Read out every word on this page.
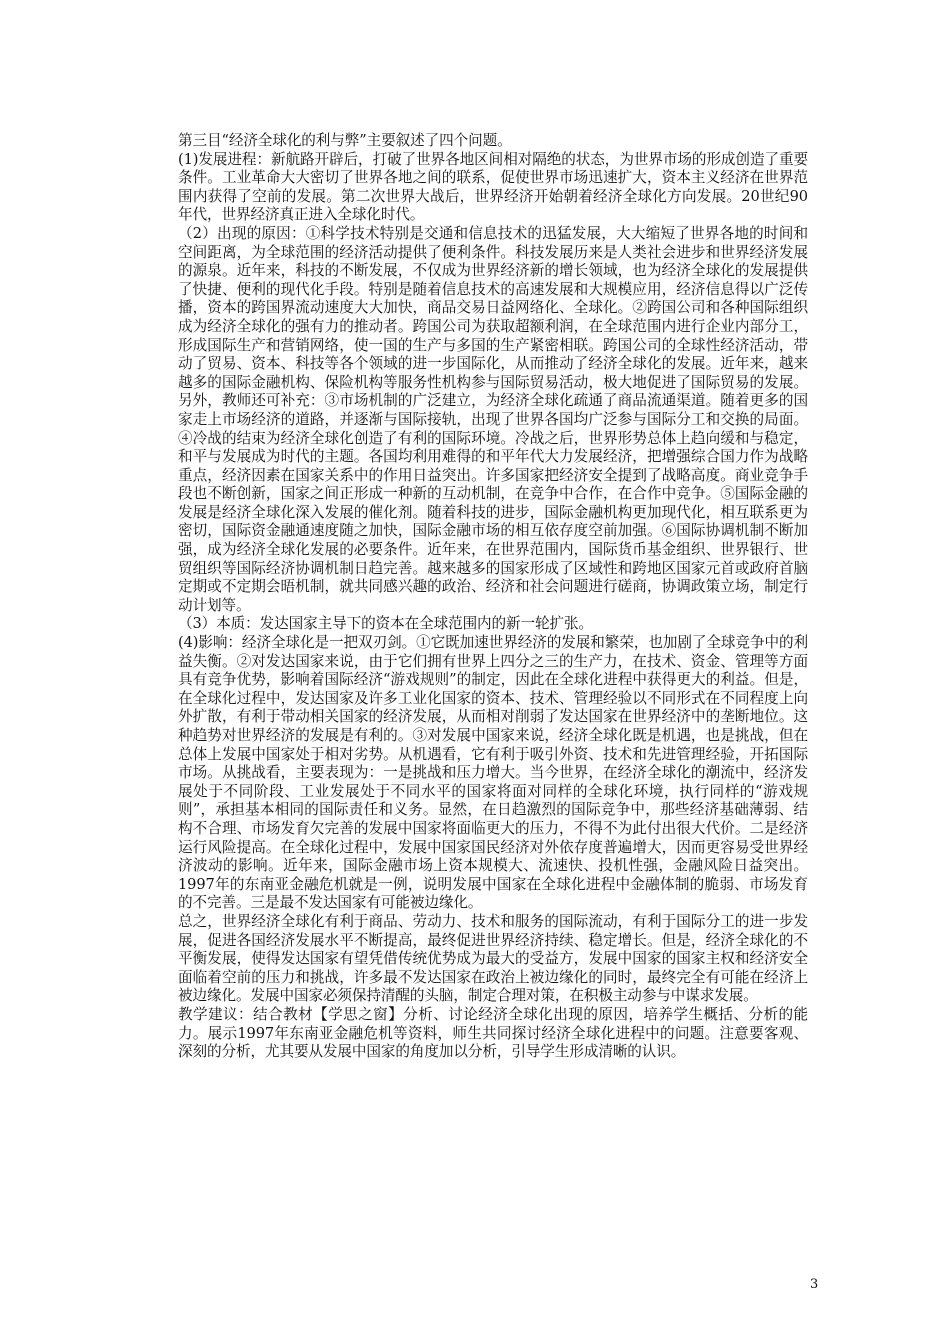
第三目“经济全球化的利与弊”主要叙述了四个问题。

(1)发展进程：新航路开辟后，打破了世界各地区间相对隔绝的状态，为世界市场的形成创造了重要条件。工业革命大大密切了世界各地之间的联系，促使世界市场迅速扩大，资本主义经济在世界范围内获得了空前的发展。第二次世界大战后，世界经济开始朝着经济全球化方向发展。20世纪90年代，世界经济真正进入全球化时代。

（2）出现的原因：①科学技术特别是交通和信息技术的迅猛发展，大大缩短了世界各地的时间和空间距离，为全球范围的经济活动提供了便利条件。科技发展历来是人类社会进步和世界经济发展的源泉。近年来，科技的不断发展，不仅成为世界经济新的增长领域，也为经济全球化的发展提供了快捷、便利的现代化手段。特别是随着信息技术的高速发展和大规模应用，经济信息得以广泛传播，资本的跨国界流动速度大大加快，商品交易日益网络化、全球化。②跨国公司和各种国际组织成为经济全球化的强有力的推动者。跨国公司为获取超额利润，在全球范围内进行企业内部分工，形成国际生产和营销网络，使一国的生产与多国的生产紧密相联。跨国公司的全球性经济活动，带动了贸易、资本、科技等各个领域的进一步国际化，从而推动了经济全球化的发展。近年来，越来越多的国际金融机构、保险机构等服务性机构参与国际贸易活动，极大地促进了国际贸易的发展。另外，教师还可补充：③市场机制的广泛建立，为经济全球化疏通了商品流通渠道。随着更多的国家走上市场经济的道路，并逐渐与国际接轨，出现了世界各国均广泛参与国际分工和交换的局面。④冷战的结束为经济全球化创造了有利的国际环境。冷战之后，世界形势总体上趋向缓和与稳定，和平与发展成为时代的主题。各国均利用难得的和平年代大力发展经济，把增强综合国力作为战略重点，经济因素在国家关系中的作用日益突出。许多国家把经济安全提到了战略高度。商业竞争手段也不断创新，国家之间正形成一种新的互动机制，在竞争中合作，在合作中竞争。⑤国际金融的发展是经济全球化深入发展的催化剂。随着科技的进步，国际金融机构更加现代化，相互联系更为密切，国际资金融通速度随之加快，国际金融市场的相互依存度空前加强。⑥国际协调机制不断加强，成为经济全球化发展的必要条件。近年来，在世界范围内，国际货币基金组织、世界银行、世贸组织等国际经济协调机制日趋完善。越来越多的国家形成了区域性和跨地区国家元首或政府首脑定期或不定期会晤机制，就共同感兴趣的政治、经济和社会问题进行磋商，协调政策立场，制定行动计划等。

（3）本质：发达国家主导下的资本在全球范围内的新一轮扩张。

(4)影响：经济全球化是一把双刃剑。①它既加速世界经济的发展和繁荣，也加剧了全球竞争中的利益失衡。②对发达国家来说，由于它们拥有世界上四分之三的生产力，在技术、资金、管理等方面具有竞争优势，影响着国际经济“游戏规则”的制定，因此在全球化进程中获得更大的利益。但是，在全球化过程中，发达国家及许多工业化国家的资本、技术、管理经验以不同形式在不同程度上向外扩散，有利于带动相关国家的经济发展，从而相对削弱了发达国家在世界经济中的垄断地位。这种趋势对世界经济的发展是有利的。③对发展中国家来说，经济全球化既是机遇，也是挑战，但在总体上发展中国家处于相对劣势。从机遇看，它有利于吸引外资、技术和先进管理经验，开拓国际市场。从挑战看，主要表现为：一是挑战和压力增大。当今世界，在经济全球化的潮流中，经济发展处于不同阶段、工业发展处于不同水平的国家将面对同样的全球化环境，执行同样的“游戏规则”，承担基本相同的国际责任和义务。显然，在日趋激烈的国际竞争中，那些经济基础薄弱、结构不合理、市场发育欠完善的发展中国家将面临更大的压力，不得不为此付出很大代价。二是经济运行风险提高。在全球化过程中，发展中国家国民经济对外依存度普遍增大，因而更容易受世界经济波动的影响。近年来，国际金融市场上资本规模大、流速快、投机性强，金融风险日益突出。1997年的东南亚金融危机就是一例，说明发展中国家在全球化进程中金融体制的脆弱、市场发育的不完善。三是最不发达国家有可能被边缘化。

总之，世界经济全球化有利于商品、劳动力、技术和服务的国际流动，有利于国际分工的进一步发展，促进各国经济发展水平不断提高，最终促进世界经济持续、稳定增长。但是，经济全球化的不平衡发展，使得发达国家有望凭借传统优势成为最大的受益方，发展中国家的国家主权和经济安全面临着空前的压力和挑战，许多最不发达国家在政治上被边缘化的同时，最终完全有可能在经济上被边缘化。发展中国家必须保持清醒的头脑，制定合理对策，在积极主动参与中谋求发展。

教学建议：结合教材【学思之窗】分析、讨论经济全球化出现的原因，培养学生概括、分析的能力。展示1997年东南亚金融危机等资料，师生共同探讨经济全球化进程中的问题。注意要客观、深刻的分析，尤其要从发展中国家的角度加以分析，引导学生形成清晰的认识。

3
